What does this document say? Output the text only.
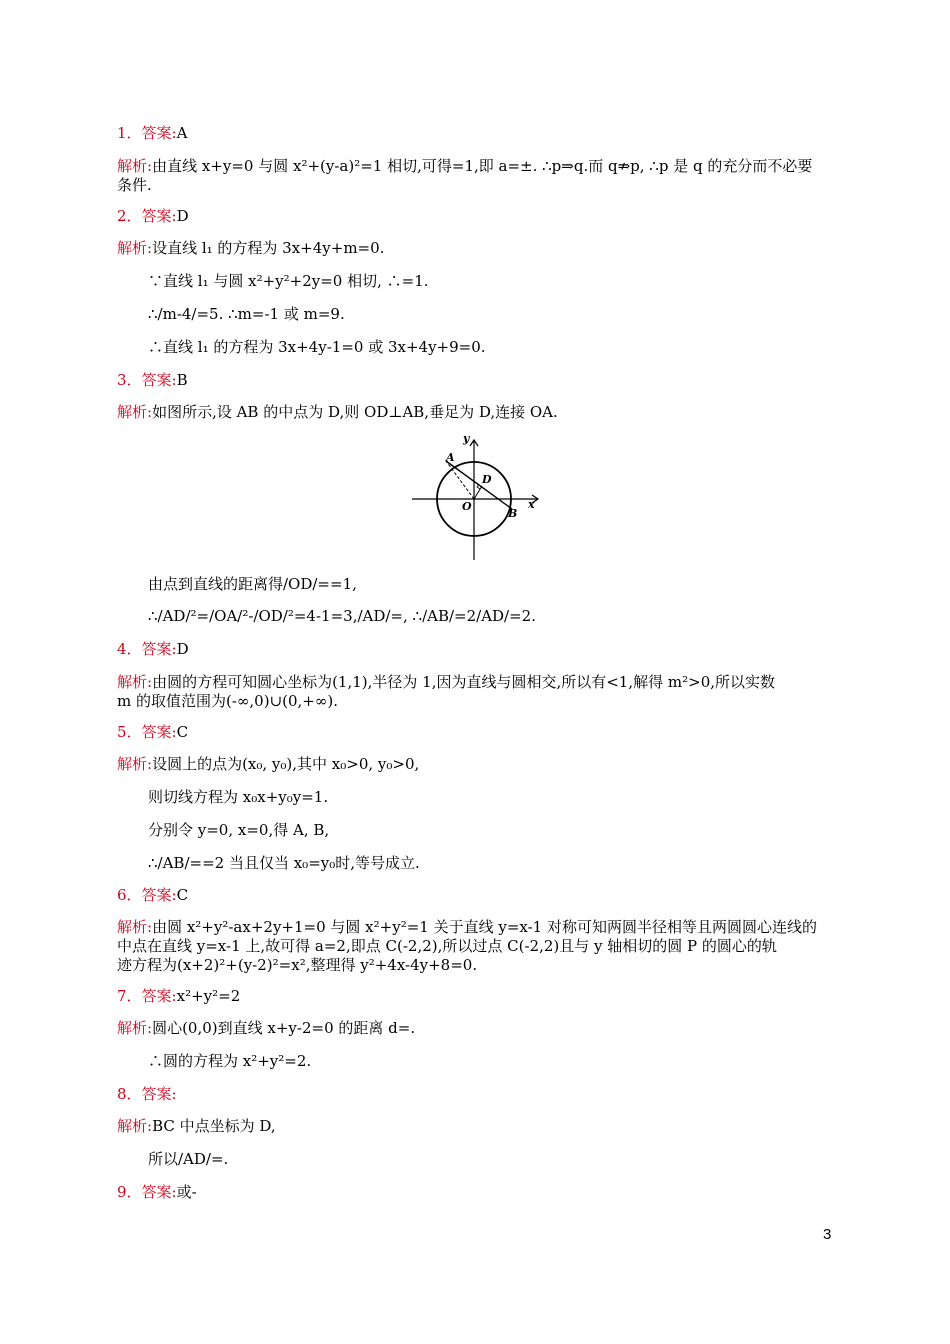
1．答案:A
解析:由直线 x+y=0 与圆 x²+(y-a)²=1 相切,可得=1,即 a=±. ∴p⇒q.而 q⇏p, ∴p 是 q 的充分而不必要
条件.
2．答案:D
解析:设直线 l₁ 的方程为 3x+4y+m=0.
∵直线 l₁ 与圆 x²+y²+2y=0 相切, ∴=1.
∴/m-4/=5. ∴m=-1 或 m=9.
∴直线 l₁ 的方程为 3x+4y-1=0 或 3x+4y+9=0.
3．答案:B
解析:如图所示,设 AB 的中点为 D,则 OD⊥AB,垂足为 D,连接 OA.
y
x
A
B
D
O
由点到直线的距离得/OD/==1,
∴/AD/²=/OA/²-/OD/²=4-1=3,/AD/=, ∴/AB/=2/AD/=2.
4．答案:D
解析:由圆的方程可知圆心坐标为(1,1),半径为 1,因为直线与圆相交,所以有<1,解得 m²>0,所以实数
m 的取值范围为(-∞,0)∪(0,+∞).
5．答案:C
解析:设圆上的点为(x₀, y₀),其中 x₀>0, y₀>0,
则切线方程为 x₀x+y₀y=1.
分别令 y=0, x=0,得 A, B,
∴/AB/==2 当且仅当 x₀=y₀时,等号成立.
6．答案:C
解析:由圆 x²+y²-ax+2y+1=0 与圆 x²+y²=1 关于直线 y=x-1 对称可知两圆半径相等且两圆圆心连线的
中点在直线 y=x-1 上,故可得 a=2,即点 C(-2,2),所以过点 C(-2,2)且与 y 轴相切的圆 P 的圆心的轨
迹方程为(x+2)²+(y-2)²=x²,整理得 y²+4x-4y+8=0.
7．答案:x²+y²=2
解析:圆心(0,0)到直线 x+y-2=0 的距离 d=.
∴圆的方程为 x²+y²=2.
8．答案:
解析:BC 中点坐标为 D,
所以/AD/=.
9．答案:或-
3
